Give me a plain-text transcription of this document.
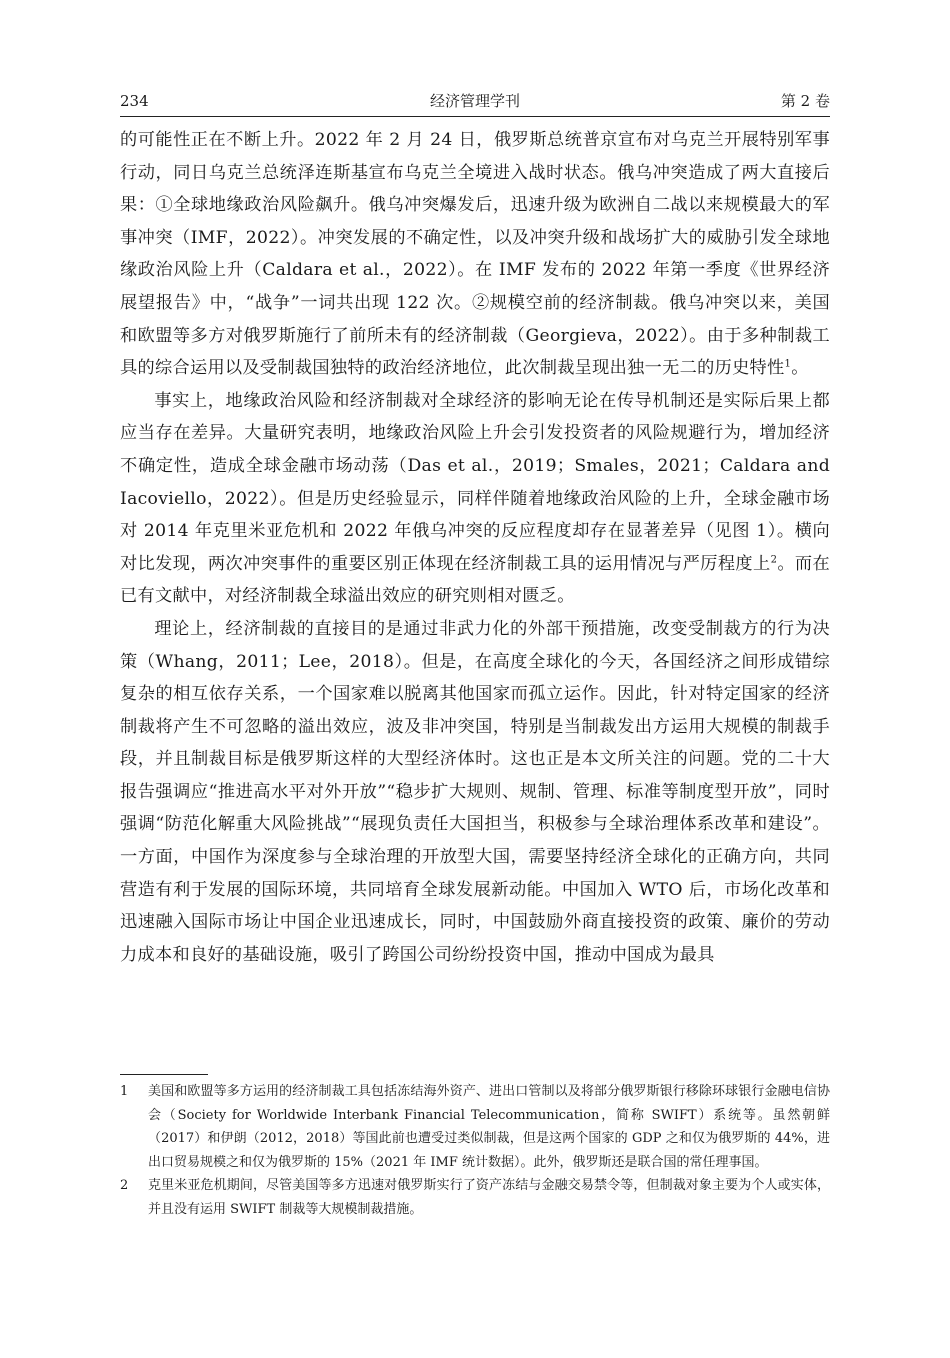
234	经济管理学刊	第 2 卷

的可能性正在不断上升。2022 年 2 月 24 日，俄罗斯总统普京宣布对乌克兰开展特别军事行动，同日乌克兰总统泽连斯基宣布乌克兰全境进入战时状态。俄乌冲突造成了两大直接后果：①全球地缘政治风险飙升。俄乌冲突爆发后，迅速升级为欧洲自二战以来规模最大的军事冲突（IMF，2022）。冲突发展的不确定性，以及冲突升级和战场扩大的威胁引发全球地缘政治风险上升（Caldara et al.，2022）。在 IMF 发布的 2022 年第一季度《世界经济展望报告》中，“战争”一词共出现 122 次。②规模空前的经济制裁。俄乌冲突以来，美国和欧盟等多方对俄罗斯施行了前所未有的经济制裁（Georgieva，2022）。由于多种制裁工具的综合运用以及受制裁国独特的政治经济地位，此次制裁呈现出独一无二的历史特性$^1$。

事实上，地缘政治风险和经济制裁对全球经济的影响无论在传导机制还是实际后果上都应当存在差异。大量研究表明，地缘政治风险上升会引发投资者的风险规避行为，增加经济不确定性，造成全球金融市场动荡（Das et al.，2019；Smales，2021；Caldara and Iacoviello，2022）。但是历史经验显示，同样伴随着地缘政治风险的上升，全球金融市场对 2014 年克里米亚危机和 2022 年俄乌冲突的反应程度却存在显著差异（见图 1）。横向对比发现，两次冲突事件的重要区别正体现在经济制裁工具的运用情况与严厉程度上$^2$。而在已有文献中，对经济制裁全球溢出效应的研究则相对匮乏。

理论上，经济制裁的直接目的是通过非武力化的外部干预措施，改变受制裁方的行为决策（Whang，2011；Lee，2018）。但是，在高度全球化的今天，各国经济之间形成错综复杂的相互依存关系，一个国家难以脱离其他国家而孤立运作。因此，针对特定国家的经济制裁将产生不可忽略的溢出效应，波及非冲突国，特别是当制裁发出方运用大规模的制裁手段，并且制裁目标是俄罗斯这样的大型经济体时。这也正是本文所关注的问题。党的二十大报告强调应“推进高水平对外开放”“稳步扩大规则、规制、管理、标准等制度型开放”，同时强调“防范化解重大风险挑战”“展现负责任大国担当，积极参与全球治理体系改革和建设”。一方面，中国作为深度参与全球治理的开放型大国，需要坚持经济全球化的正确方向，共同营造有利于发展的国际环境，共同培育全球发展新动能。中国加入 WTO 后，市场化改革和迅速融入国际市场让中国企业迅速成长，同时，中国鼓励外商直接投资的政策、廉价的劳动力成本和良好的基础设施，吸引了跨国公司纷纷投资中国，推动中国成为最具

1 美国和欧盟等多方运用的经济制裁工具包括冻结海外资产、进出口管制以及将部分俄罗斯银行移除环球银行金融电信协会（Society for Worldwide Interbank Financial Telecommunication，简称 SWIFT）系统等。虽然朝鲜（2017）和伊朗（2012，2018）等国此前也遭受过类似制裁，但是这两个国家的 GDP 之和仅为俄罗斯的 44%，进出口贸易规模之和仅为俄罗斯的 15%（2021 年 IMF 统计数据）。此外，俄罗斯还是联合国的常任理事国。

2 克里米亚危机期间，尽管美国等多方迅速对俄罗斯实行了资产冻结与金融交易禁令等，但制裁对象主要为个人或实体，并且没有运用 SWIFT 制裁等大规模制裁措施。
